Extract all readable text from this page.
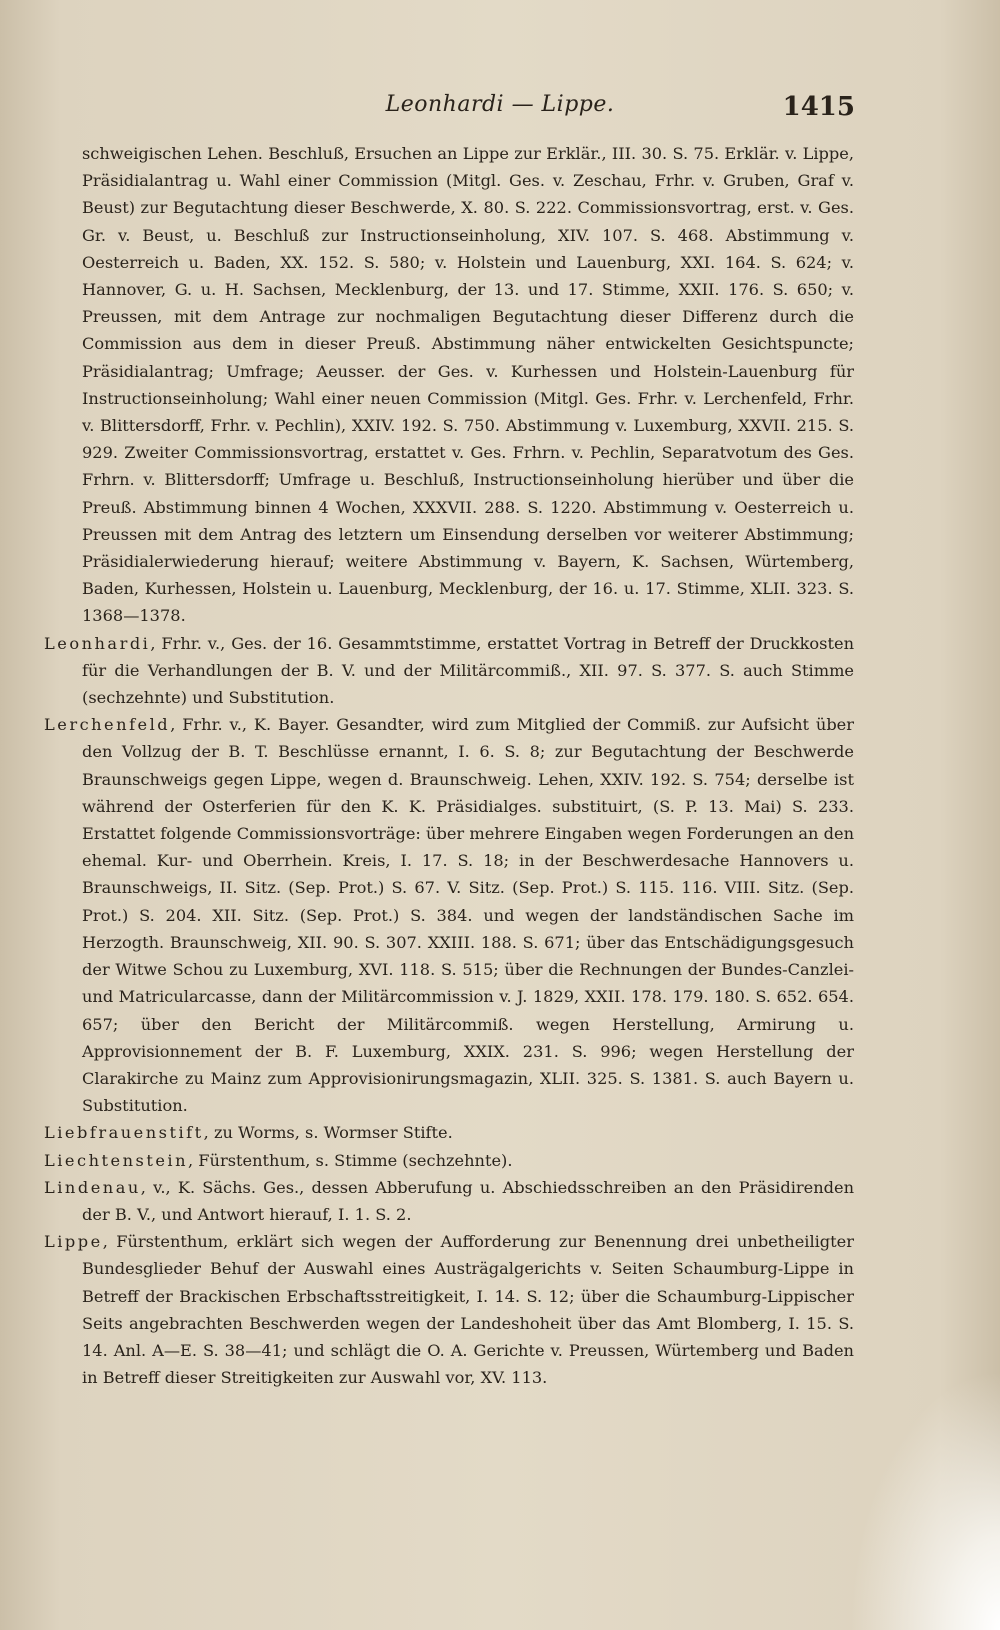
Leonhardi — Lippe.	1415

schweigischen Lehen. Beschluß, Ersuchen an Lippe zur Erklär., III. 30. S. 75. Erklär. v. Lippe, Präsidialantrag u. Wahl einer Commission (Mitgl. Ges. v. Zeschau, Frhr. v. Gruben, Graf v. Beust) zur Begutachtung dieser Beschwerde, X. 80. S. 222. Commissionsvortrag, erst. v. Ges. Gr. v. Beust, u. Beschluß zur Instructionseinholung, XIV. 107. S. 468. Abstimmung v. Oesterreich u. Baden, XX. 152. S. 580; v. Holstein und Lauenburg, XXI. 164. S. 624; v. Hannover, G. u. H. Sachsen, Mecklenburg, der 13. und 17. Stimme, XXII. 176. S. 650; v. Preussen, mit dem Antrage zur nochmaligen Begutachtung dieser Differenz durch die Commission aus dem in dieser Preuß. Abstimmung näher entwickelten Gesichtspuncte; Präsidialantrag; Umfrage; Aeusser. der Ges. v. Kurhessen und Holstein-Lauenburg für Instructionseinholung; Wahl einer neuen Commission (Mitgl. Ges. Frhr. v. Lerchenfeld, Frhr. v. Blittersdorff, Frhr. v. Pechlin), XXIV. 192. S. 750. Abstimmung v. Luxemburg, XXVII. 215. S. 929. Zweiter Commissionsvortrag, erstattet v. Ges. Frhrn. v. Pechlin, Separatvotum des Ges. Frhrn. v. Blittersdorff; Umfrage u. Beschluß, Instructionseinholung hierüber und über die Preuß. Abstimmung binnen 4 Wochen, XXXVII. 288. S. 1220. Abstimmung v. Oesterreich u. Preussen mit dem Antrag des letztern um Einsendung derselben vor weiterer Abstimmung; Präsidialerwiederung hierauf; weitere Abstimmung v. Bayern, K. Sachsen, Würtemberg, Baden, Kurhessen, Holstein u. Lauenburg, Mecklenburg, der 16. u. 17. Stimme, XLII. 323. S. 1368—1378.

Leonhardi, Frhr. v., Ges. der 16. Gesammtstimme, erstattet Vortrag in Betreff der Druckkosten für die Verhandlungen der B. V. und der Militärcommiß., XII. 97. S. 377. S. auch Stimme (sechzehnte) und Substitution.

Lerchenfeld, Frhr. v., K. Bayer. Gesandter, wird zum Mitglied der Commiß. zur Aufsicht über den Vollzug der B. T. Beschlüsse ernannt, I. 6. S. 8; zur Begutachtung der Beschwerde Braunschweigs gegen Lippe, wegen d. Braunschweig. Lehen, XXIV. 192. S. 754; derselbe ist während der Osterferien für den K. K. Präsidialges. substituirt, (S. P. 13. Mai) S. 233. Erstattet folgende Commissionsvorträge: über mehrere Eingaben wegen Forderungen an den ehemal. Kur- und Oberrhein. Kreis, I. 17. S. 18; in der Beschwerdesache Hannovers u. Braunschweigs, II. Sitz. (Sep. Prot.) S. 67. V. Sitz. (Sep. Prot.) S. 115. 116. VIII. Sitz. (Sep. Prot.) S. 204. XII. Sitz. (Sep. Prot.) S. 384. und wegen der landständischen Sache im Herzogth. Braunschweig, XII. 90. S. 307. XXIII. 188. S. 671; über das Entschädigungsgesuch der Witwe Schou zu Luxemburg, XVI. 118. S. 515; über die Rechnungen der Bundes-Canzlei- und Matricularcasse, dann der Militärcommission v. J. 1829, XXII. 178. 179. 180. S. 652. 654. 657; über den Bericht der Militärcommiß. wegen Herstellung, Armirung u. Approvisionnement der B. F. Luxemburg, XXIX. 231. S. 996; wegen Herstellung der Clarakirche zu Mainz zum Approvisionirungsmagazin, XLII. 325. S. 1381. S. auch Bayern u. Substitution.

Liebfrauenstift, zu Worms, s. Wormser Stifte.

Liechtenstein, Fürstenthum, s. Stimme (sechzehnte).

Lindenau, v., K. Sächs. Ges., dessen Abberufung u. Abschiedsschreiben an den Präsidirenden der B. V., und Antwort hierauf, I. 1. S. 2.

Lippe, Fürstenthum, erklärt sich wegen der Aufforderung zur Benennung drei unbetheiligter Bundesglieder Behuf der Auswahl eines Austrägalgerichts v. Seiten Schaumburg-Lippe in Betreff der Brackischen Erbschaftsstreitigkeit, I. 14. S. 12; über die Schaumburg-Lippischer Seits angebrachten Beschwerden wegen der Landeshoheit über das Amt Blomberg, I. 15. S. 14. Anl. A—E. S. 38—41; und schlägt die O. A. Gerichte v. Preussen, Würtemberg und Baden in Betreff dieser Streitigkeiten zur Auswahl vor, XV. 113.
